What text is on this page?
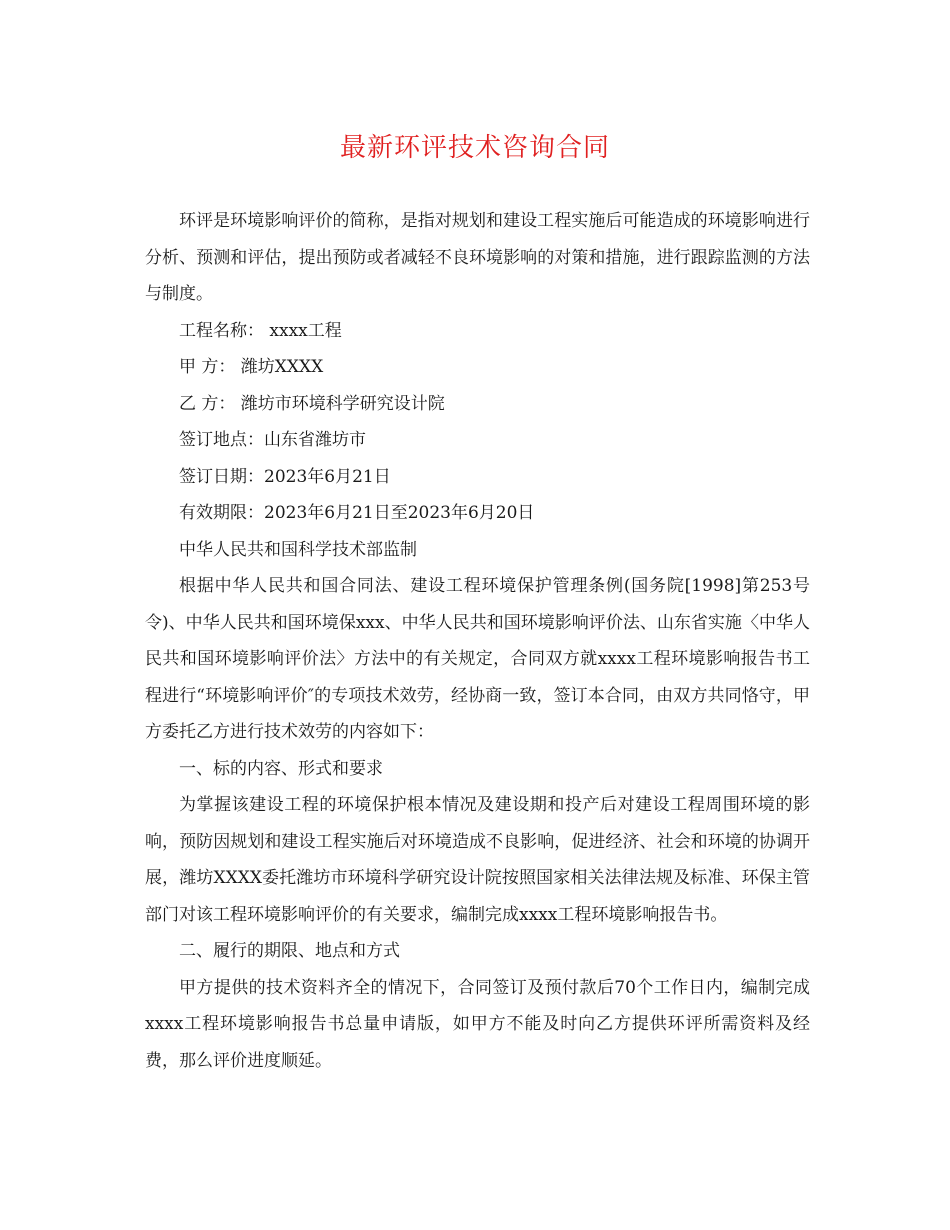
最新环评技术咨询合同

环评是环境影响评价的简称，是指对规划和建设工程实施后可能造成的环境影响进行分析、预测和评估，提出预防或者减轻不良环境影响的对策和措施，进行跟踪监测的方法与制度。

工程名称： xxxx工程

甲 方： 潍坊XXXX

乙 方： 潍坊市环境科学研究设计院

签订地点：山东省潍坊市

签订日期：2023年6月21日

有效期限：2023年6月21日至2023年6月20日

中华人民共和国科学技术部监制

根据中华人民共和国合同法、建设工程环境保护管理条例(国务院[1998]第253号令)、中华人民共和国环境保xxx、中华人民共和国环境影响评价法、山东省实施〈中华人民共和国环境影响评价法〉方法中的有关规定，合同双方就xxxx工程环境影响报告书工程进行“环境影响评价″的专项技术效劳，经协商一致，签订本合同，由双方共同恪守，甲方委托乙方进行技术效劳的内容如下：

一、标的内容、形式和要求

为掌握该建设工程的环境保护根本情况及建设期和投产后对建设工程周围环境的影响，预防因规划和建设工程实施后对环境造成不良影响，促进经济、社会和环境的协调开展，潍坊XXXX委托潍坊市环境科学研究设计院按照国家相关法律法规及标准、环保主管部门对该工程环境影响评价的有关要求，编制完成xxxx工程环境影响报告书。

二、履行的期限、地点和方式

甲方提供的技术资料齐全的情况下，合同签订及预付款后70个工作日内，编制完成xxxx工程环境影响报告书总量申请版，如甲方不能及时向乙方提供环评所需资料及经费，那么评价进度顺延。
